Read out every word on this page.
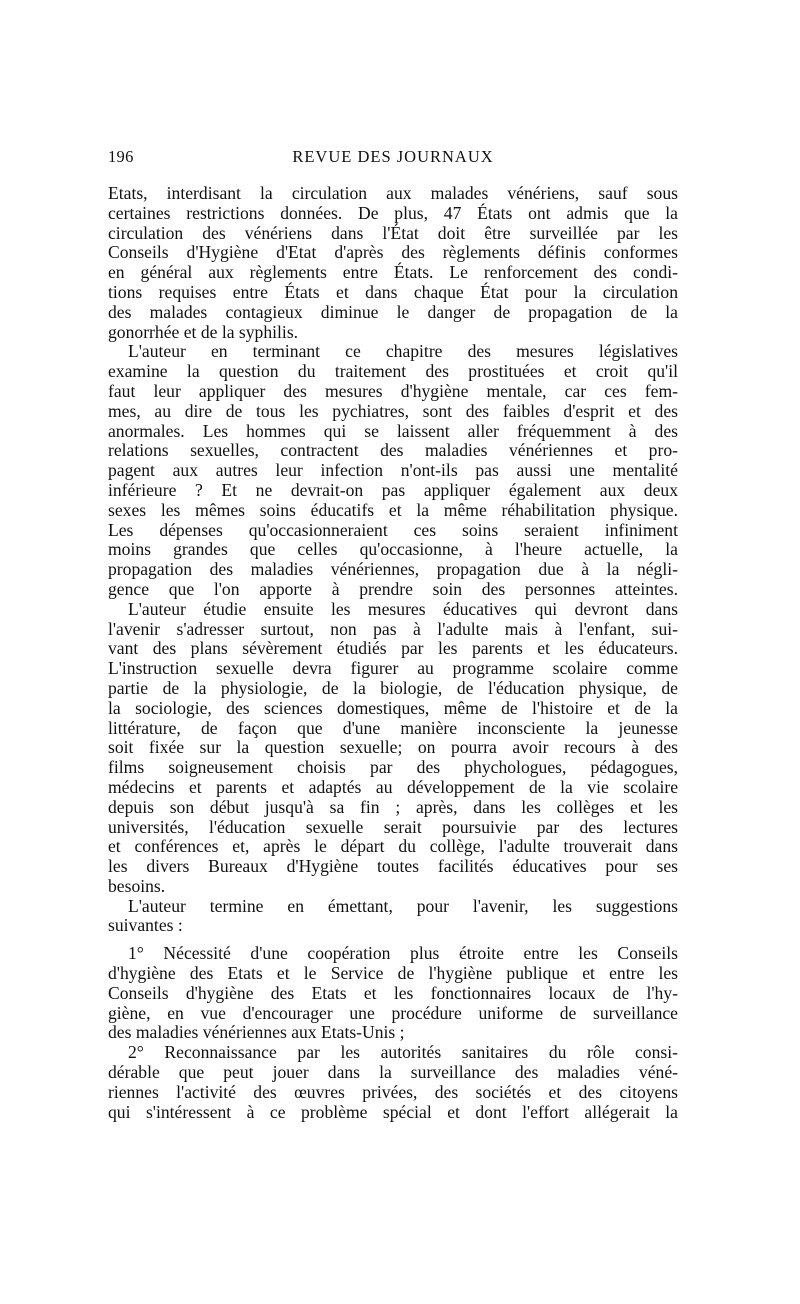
196	REVUE DES JOURNAUX
Etats, interdisant la circulation aux malades vénériens, sauf sous
certaines restrictions données. De plus, 47 États ont admis que la
circulation des vénériens dans l'État doit être surveillée par les
Conseils d'Hygiène d'Etat d'après des règlements définis conformes
en général aux règlements entre États. Le renforcement des condi-
tions requises entre États et dans chaque État pour la circulation
des malades contagieux diminue le danger de propagation de la
gonorrhée et de la syphilis.
L'auteur en terminant ce chapitre des mesures législatives
examine la question du traitement des prostituées et croit qu'il
faut leur appliquer des mesures d'hygiène mentale, car ces fem-
mes, au dire de tous les pychiatres, sont des faibles d'esprit et des
anormales. Les hommes qui se laissent aller fréquemment à des
relations sexuelles, contractent des maladies vénériennes et pro-
pagent aux autres leur infection n'ont-ils pas aussi une mentalité
inférieure ? Et ne devrait-on pas appliquer également aux deux
sexes les mêmes soins éducatifs et la même réhabilitation physique.
Les dépenses qu'occasionneraient ces soins seraient infiniment
moins grandes que celles qu'occasionne, à l'heure actuelle, la
propagation des maladies vénériennes, propagation due à la négli-
gence que l'on apporte à prendre soin des personnes atteintes.
L'auteur étudie ensuite les mesures éducatives qui devront dans
l'avenir s'adresser surtout, non pas à l'adulte mais à l'enfant, sui-
vant des plans sévèrement étudiés par les parents et les éducateurs.
L'instruction sexuelle devra figurer au programme scolaire comme
partie de la physiologie, de la biologie, de l'éducation physique, de
la sociologie, des sciences domestiques, même de l'histoire et de la
littérature, de façon que d'une manière inconsciente la jeunesse
soit fixée sur la question sexuelle; on pourra avoir recours à des
films soigneusement choisis par des phychologues, pédagogues,
médecins et parents et adaptés au développement de la vie scolaire
depuis son début jusqu'à sa fin ; après, dans les collèges et les
universités, l'éducation sexuelle serait poursuivie par des lectures
et conférences et, après le départ du collège, l'adulte trouverait dans
les divers Bureaux d'Hygiène toutes facilités éducatives pour ses
besoins.
L'auteur termine en émettant, pour l'avenir, les suggestions
suivantes :
1° Nécessité d'une coopération plus étroite entre les Conseils
d'hygiène des Etats et le Service de l'hygiène publique et entre les
Conseils d'hygiène des Etats et les fonctionnaires locaux de l'hy-
giène, en vue d'encourager une procédure uniforme de surveillance
des maladies vénériennes aux Etats-Unis ;
2° Reconnaissance par les autorités sanitaires du rôle consi-
dérable que peut jouer dans la surveillance des maladies véné-
riennes l'activité des œuvres privées, des sociétés et des citoyens
qui s'intéressent à ce problème spécial et dont l'effort allégerait la
